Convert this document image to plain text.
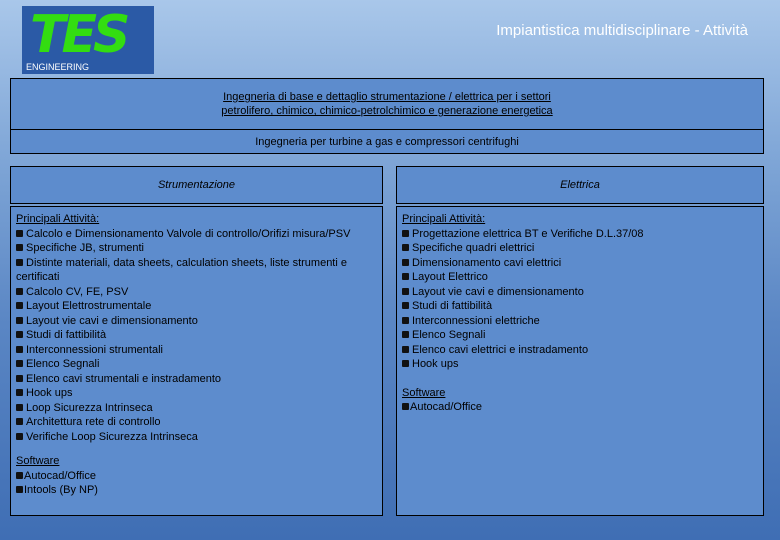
TES
ENGINEERING
Impiantistica multidisciplinare - Attività
Ingegneria di base e dettaglio strumentazione / elettrica per i settori
petrolifero, chimico, chimico-petrolchimico e generazione energetica
Ingegneria per turbine a gas e compressori centrifughi
Strumentazione
Principali Attività:
Calcolo e Dimensionamento Valvole di controllo/Orifizi misura/PSV
Specifiche JB, strumenti
Distinte materiali, data sheets, calculation sheets, liste strumenti e certificati
Calcolo CV, FE, PSV
Layout Elettrostrumentale
Layout vie cavi e dimensionamento
Studi di fattibilità
Interconnessioni strumentali
Elenco Segnali
Elenco cavi strumentali e instradamento
Hook ups
Loop Sicurezza Intrinseca
Architettura rete di controllo
Verifiche Loop Sicurezza Intrinseca
Software
Autocad/Office
Intools (By NP)
Elettrica
Principali Attività:
Progettazione elettrica BT e Verifiche D.L.37/08
Specifiche quadri elettrici
Dimensionamento cavi elettrici
Layout Elettrico
Layout vie cavi e dimensionamento
Studi di fattibilità
Interconnessioni elettriche
Elenco Segnali
Elenco cavi elettrici e instradamento
Hook ups
Software
Autocad/Office
